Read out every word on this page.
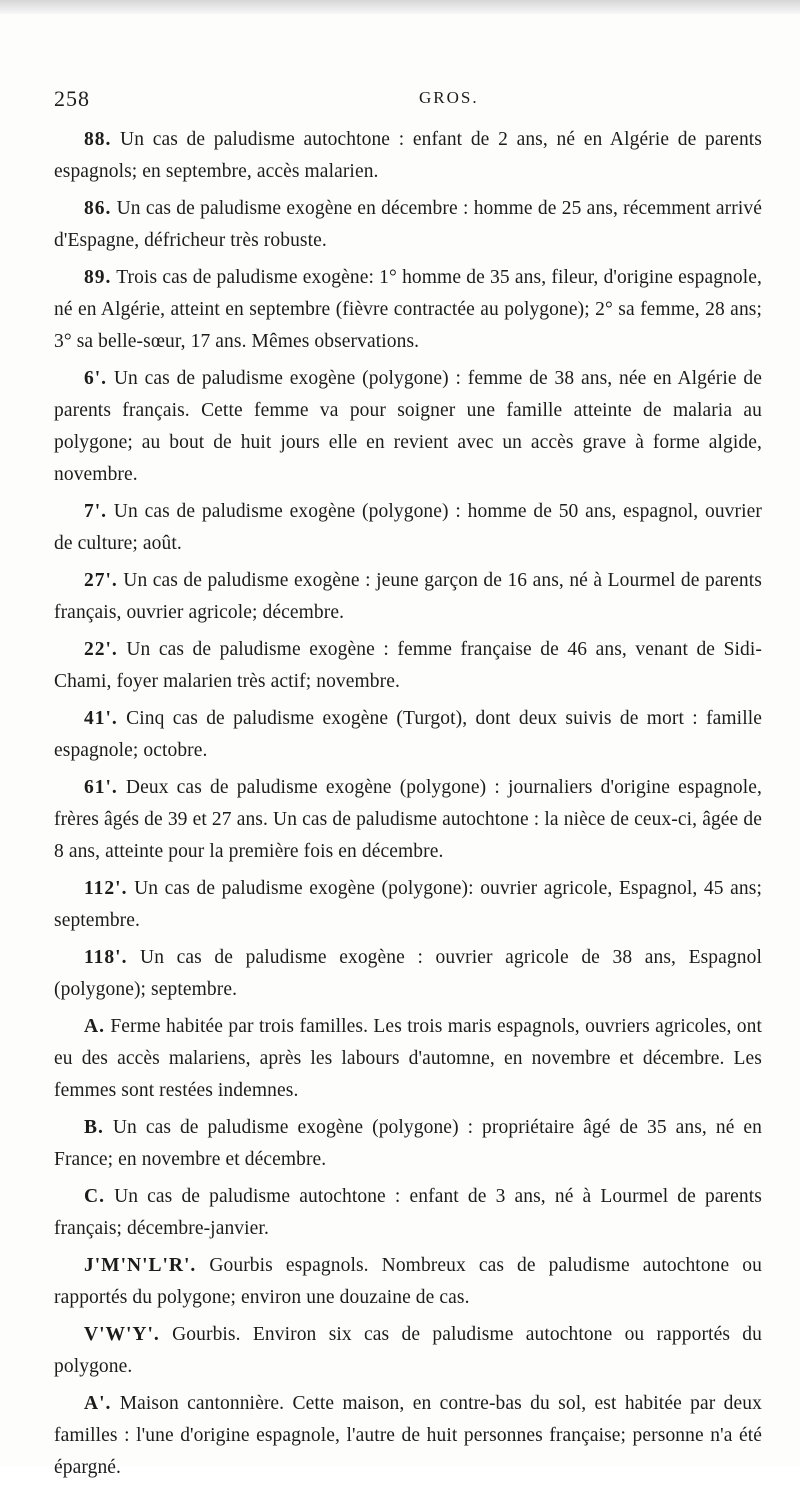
258	GROS.

88. Un cas de paludisme autochtone : enfant de 2 ans, né en Algérie de parents espagnols; en septembre, accès malarien.

86. Un cas de paludisme exogène en décembre : homme de 25 ans, récemment arrivé d'Espagne, défricheur très robuste.

89. Trois cas de paludisme exogène: 1° homme de 35 ans, fileur, d'origine espagnole, né en Algérie, atteint en septembre (fièvre contractée au polygone); 2° sa femme, 28 ans; 3° sa belle-sœur, 17 ans. Mêmes observations.

6'. Un cas de paludisme exogène (polygone) : femme de 38 ans, née en Algérie de parents français. Cette femme va pour soigner une famille atteinte de malaria au polygone; au bout de huit jours elle en revient avec un accès grave à forme algide, novembre.

7'. Un cas de paludisme exogène (polygone) : homme de 50 ans, espagnol, ouvrier de culture; août.

27'. Un cas de paludisme exogène : jeune garçon de 16 ans, né à Lourmel de parents français, ouvrier agricole; décembre.

22'. Un cas de paludisme exogène : femme française de 46 ans, venant de Sidi-Chami, foyer malarien très actif; novembre.

41'. Cinq cas de paludisme exogène (Turgot), dont deux suivis de mort : famille espagnole; octobre.

61'. Deux cas de paludisme exogène (polygone) : journaliers d'origine espagnole, frères âgés de 39 et 27 ans. Un cas de paludisme autochtone : la nièce de ceux-ci, âgée de 8 ans, atteinte pour la première fois en décembre.

112'. Un cas de paludisme exogène (polygone): ouvrier agricole, Espagnol, 45 ans; septembre.

118'. Un cas de paludisme exogène : ouvrier agricole de 38 ans, Espagnol (polygone); septembre.

A. Ferme habitée par trois familles. Les trois maris espagnols, ouvriers agricoles, ont eu des accès malariens, après les labours d'automne, en novembre et décembre. Les femmes sont restées indemnes.

B. Un cas de paludisme exogène (polygone) : propriétaire âgé de 35 ans, né en France; en novembre et décembre.

C. Un cas de paludisme autochtone : enfant de 3 ans, né à Lourmel de parents français; décembre-janvier.

J'M'N'L'R'. Gourbis espagnols. Nombreux cas de paludisme autochtone ou rapportés du polygone; environ une douzaine de cas.

V'W'Y'. Gourbis. Environ six cas de paludisme autochtone ou rapportés du polygone.

A'. Maison cantonnière. Cette maison, en contre-bas du sol, est habitée par deux familles : l'une d'origine espagnole, l'autre de huit personnes française; personne n'a été épargné.
